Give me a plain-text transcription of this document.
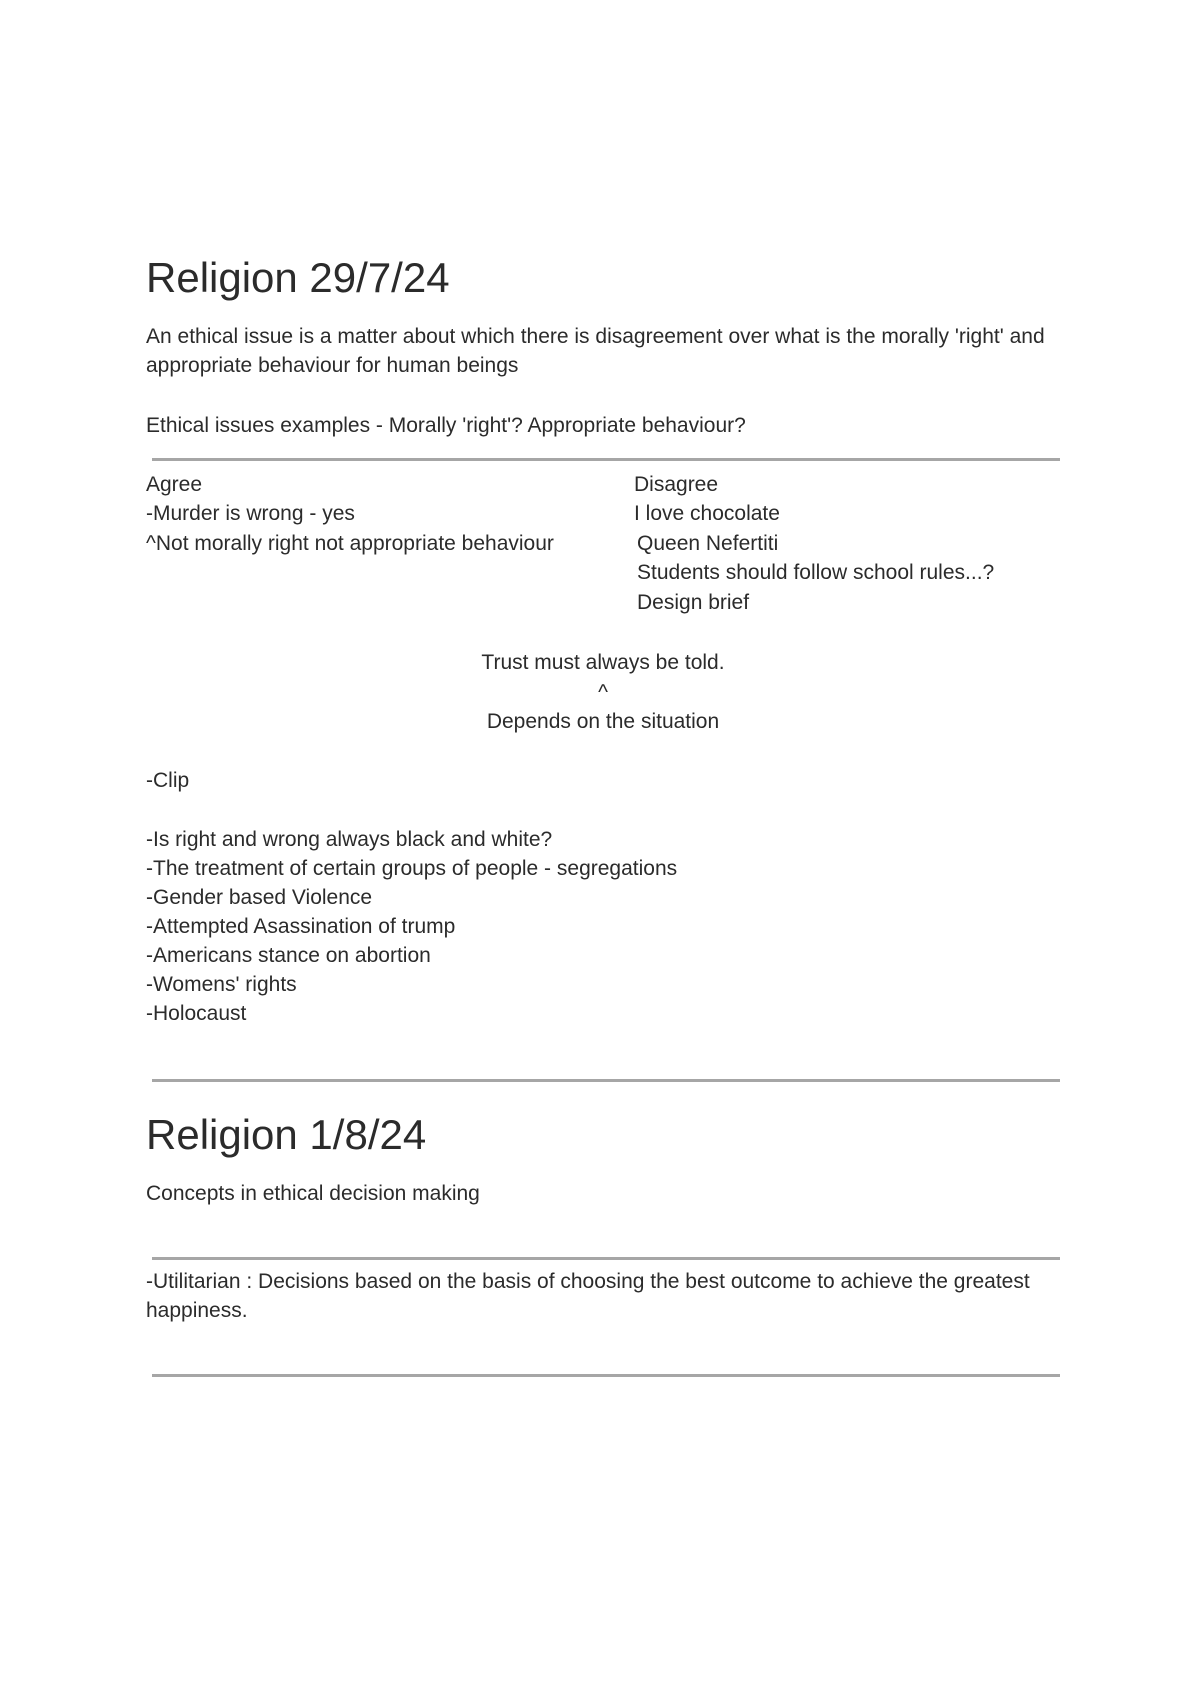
Religion 29/7/24

An ethical issue is a matter about which there is disagreement over what is the morally 'right' and appropriate behaviour for human beings

Ethical issues examples - Morally 'right'? Appropriate behaviour?

Agree
-Murder is wrong - yes
^Not morally right not appropriate behaviour
Disagree
I love chocolate
Queen Nefertiti
Students should follow school rules...?
Design brief

Trust must always be told.

^

Depends on the situation

-Clip

-Is right and wrong always black and white?
-The treatment of certain groups of people - segregations
-Gender based Violence
-Attempted Asassination of trump
-Americans stance on abortion
-Womens' rights
-Holocaust
Religion 1/8/24

Concepts in ethical decision making

-Utilitarian : Decisions based on the basis of choosing the best outcome to achieve the greatest happiness.
